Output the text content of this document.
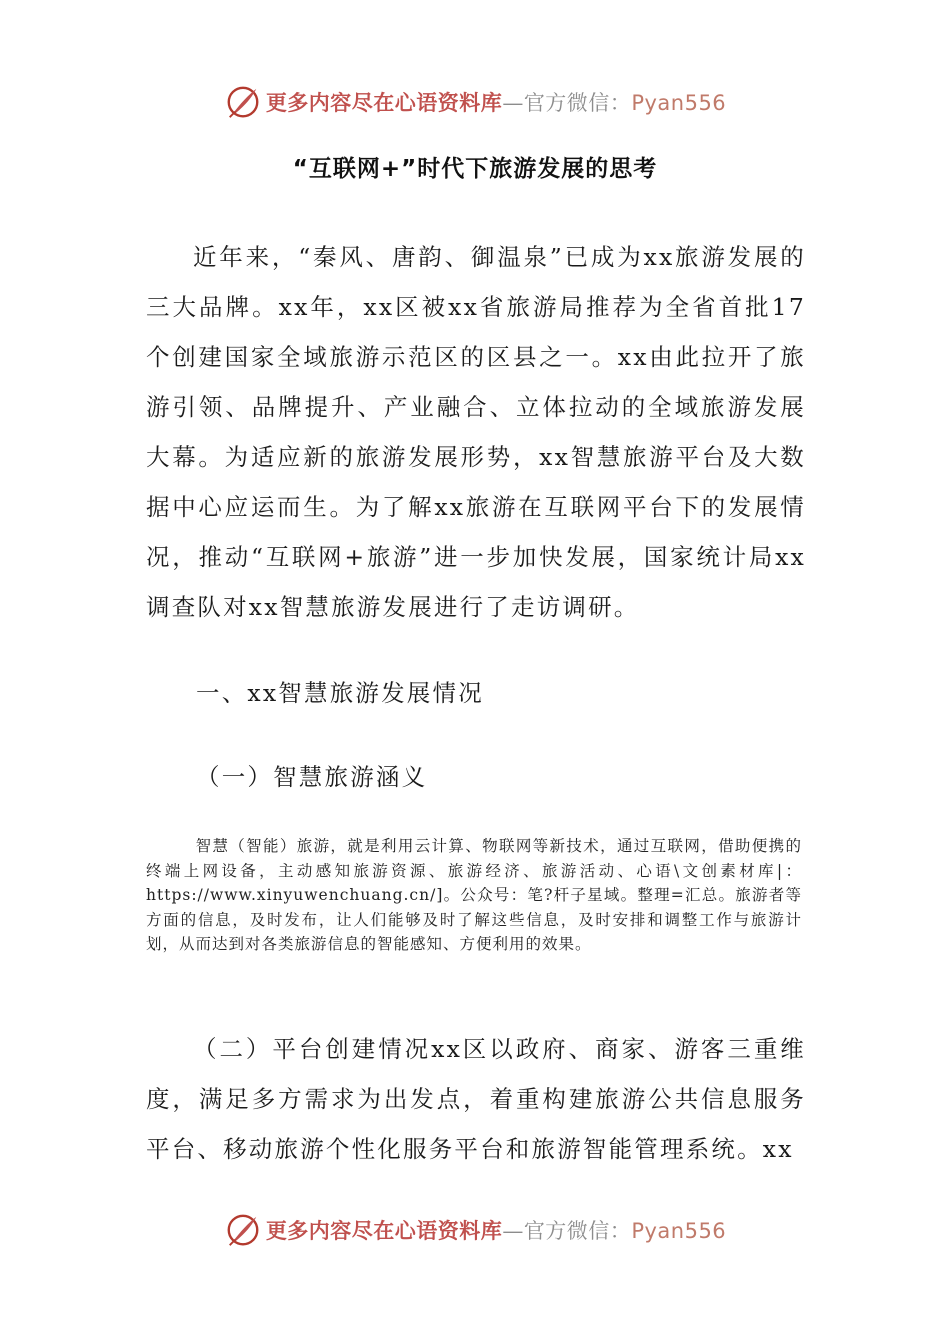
更多内容尽在心语资料库—官方微信：Pyan556
“互联网+”时代下旅游发展的思考

近年来，“秦风、唐韵、御温泉”已成为xx旅游发展的三大品牌。xx年，xx区被xx省旅游局推荐为全省首批17个创建国家全域旅游示范区的区县之一。xx由此拉开了旅游引领、品牌提升、产业融合、立体拉动的全域旅游发展大幕。为适应新的旅游发展形势，xx智慧旅游平台及大数据中心应运而生。为了解xx旅游在互联网平台下的发展情况，推动“互联网+旅游”进一步加快发展，国家统计局xx调查队对xx智慧旅游发展进行了走访调研。

一、xx智慧旅游发展情况
（一）智慧旅游涵义

智慧（智能）旅游，就是利用云计算、物联网等新技术，通过互联网，借助便携的终端上网设备，主动感知旅游资源、旅游经济、旅游活动、心语\文创素材库|：https://www.xinyuwenchuang.cn/]。公众号：笔?杆子星域。整理=汇总。旅游者等方面的信息，及时发布，让人们能够及时了解这些信息，及时安排和调整工作与旅游计划，从而达到对各类旅游信息的智能感知、方便利用的效果。

（二）平台创建情况xx区以政府、商家、游客三重维度，满足多方需求为出发点，着重构建旅游公共信息服务平台、移动旅游个性化服务平台和旅游智能管理系统。xx

更多内容尽在心语资料库—官方微信：Pyan556
